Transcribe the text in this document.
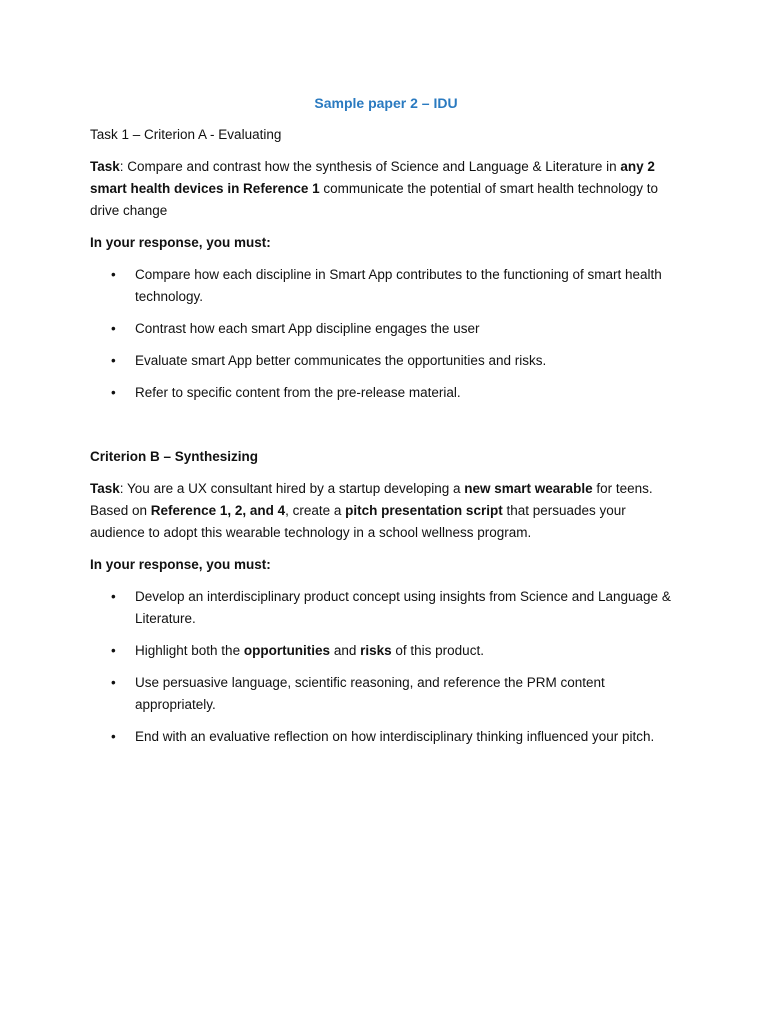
Sample paper 2 – IDU

Task 1 – Criterion A - Evaluating

Task: Compare and contrast how the synthesis of Science and Language & Literature in any 2 smart health devices in Reference 1 communicate the potential of smart health technology to drive change

In your response, you must:
• Compare how each discipline in Smart App contributes to the functioning of smart health technology.
• Contrast how each smart App discipline engages the user
• Evaluate smart App better communicates the opportunities and risks.
• Refer to specific content from the pre-release material.
Criterion B – Synthesizing

Task: You are a UX consultant hired by a startup developing a new smart wearable for teens. Based on Reference 1, 2, and 4, create a pitch presentation script that persuades your audience to adopt this wearable technology in a school wellness program.

In your response, you must:
• Develop an interdisciplinary product concept using insights from Science and Language & Literature.
• Highlight both the opportunities and risks of this product.
• Use persuasive language, scientific reasoning, and reference the PRM content appropriately.
• End with an evaluative reflection on how interdisciplinary thinking influenced your pitch.
